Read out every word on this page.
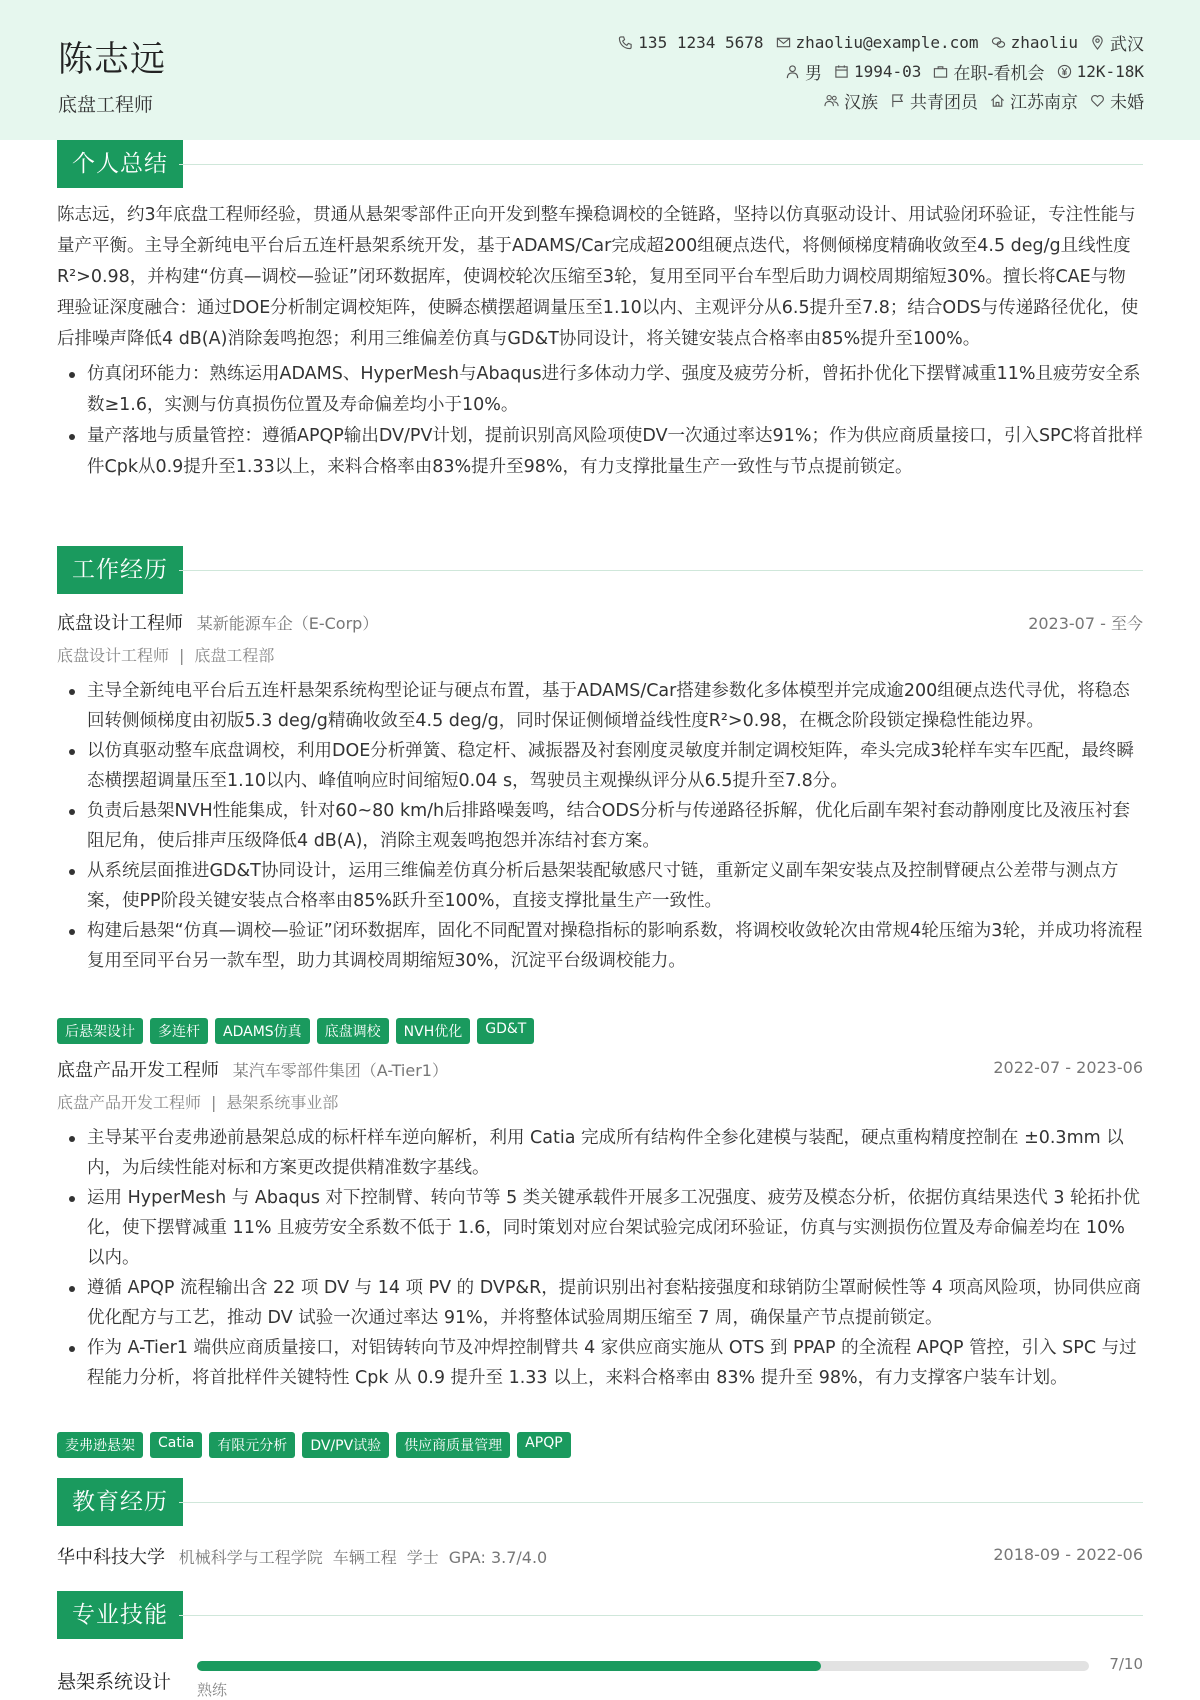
陈志远
底盘工程师
135 1234 5678 zhaoliu@example.com zhaoliu 武汉
男 1994-03 在职-看机会 12K-18K
汉族 共青团员 江苏南京 未婚
个人总结

陈志远，约3年底盘工程师经验，贯通从悬架零部件正向开发到整车操稳调校的全链路，坚持以仿真驱动设计、用试验闭环验证，专注性能与量产平衡。主导全新纯电平台后五连杆悬架系统开发，基于ADAMS/Car完成超200组硬点迭代，将侧倾梯度精确收敛至4.5 deg/g且线性度R²>0.98，并构建“仿真—调校—验证”闭环数据库，使调校轮次压缩至3轮，复用至同平台车型后助力调校周期缩短30%。擅长将CAE与物理验证深度融合：通过DOE分析制定调校矩阵，使瞬态横摆超调量压至1.10以内、主观评分从6.5提升至7.8；结合ODS与传递路径优化，使后排噪声降低4 dB(A)消除轰鸣抱怨；利用三维偏差仿真与GD&T协同设计，将关键安装点合格率由85%提升至100%。

仿真闭环能力：熟练运用ADAMS、HyperMesh与Abaqus进行多体动力学、强度及疲劳分析，曾拓扑优化下摆臂减重11%且疲劳安全系数≥1.6，实测与仿真损伤位置及寿命偏差均小于10%。
量产落地与质量管控：遵循APQP输出DV/PV计划，提前识别高风险项使DV一次通过率达91%；作为供应商质量接口，引入SPC将首批样件Cpk从0.9提升至1.33以上，来料合格率由83%提升至98%，有力支撑批量生产一致性与节点提前锁定。
工作经历
底盘设计工程师 某新能源车企（E-Corp）	2023-07 - 至今
底盘设计工程师 | 底盘工程部
主导全新纯电平台后五连杆悬架系统构型论证与硬点布置，基于ADAMS/Car搭建参数化多体模型并完成逾200组硬点迭代寻优，将稳态回转侧倾梯度由初版5.3 deg/g精确收敛至4.5 deg/g，同时保证侧倾增益线性度R²>0.98，在概念阶段锁定操稳性能边界。
以仿真驱动整车底盘调校，利用DOE分析弹簧、稳定杆、减振器及衬套刚度灵敏度并制定调校矩阵，牵头完成3轮样车实车匹配，最终瞬态横摆超调量压至1.10以内、峰值响应时间缩短0.04 s，驾驶员主观操纵评分从6.5提升至7.8分。
负责后悬架NVH性能集成，针对60~80 km/h后排路噪轰鸣，结合ODS分析与传递路径拆解，优化后副车架衬套动静刚度比及液压衬套阻尼角，使后排声压级降低4 dB(A)，消除主观轰鸣抱怨并冻结衬套方案。
从系统层面推进GD&T协同设计，运用三维偏差仿真分析后悬架装配敏感尺寸链，重新定义副车架安装点及控制臂硬点公差带与测点方案，使PP阶段关键安装点合格率由85%跃升至100%，直接支撑批量生产一致性。
构建后悬架“仿真—调校—验证”闭环数据库，固化不同配置对操稳指标的影响系数，将调校收敛轮次由常规4轮压缩为3轮，并成功将流程复用至同平台另一款车型，助力其调校周期缩短30%，沉淀平台级调校能力。
后悬架设计	多连杆	ADAMS仿真	底盘调校	NVH优化	GD&T
底盘产品开发工程师 某汽车零部件集团（A-Tier1）	2022-07 - 2023-06
底盘产品开发工程师 | 悬架系统事业部
主导某平台麦弗逊前悬架总成的标杆样车逆向解析，利用 Catia 完成所有结构件全参化建模与装配，硬点重构精度控制在 ±0.3mm 以内，为后续性能对标和方案更改提供精准数字基线。
运用 HyperMesh 与 Abaqus 对下控制臂、转向节等 5 类关键承载件开展多工况强度、疲劳及模态分析，依据仿真结果迭代 3 轮拓扑优化，使下摆臂减重 11% 且疲劳安全系数不低于 1.6，同时策划对应台架试验完成闭环验证，仿真与实测损伤位置及寿命偏差均在 10% 以内。
遵循 APQP 流程输出含 22 项 DV 与 14 项 PV 的 DVP&R，提前识别出衬套粘接强度和球销防尘罩耐候性等 4 项高风险项，协同供应商优化配方与工艺，推动 DV 试验一次通过率达 91%，并将整体试验周期压缩至 7 周，确保量产节点提前锁定。
作为 A-Tier1 端供应商质量接口，对铝铸转向节及冲焊控制臂共 4 家供应商实施从 OTS 到 PPAP 的全流程 APQP 管控，引入 SPC 与过程能力分析，将首批样件关键特性 Cpk 从 0.9 提升至 1.33 以上，来料合格率由 83% 提升至 98%，有力支撑客户装车计划。
麦弗逊悬架	Catia	有限元分析	DV/PV试验	供应商质量管理	APQP
教育经历
华中科技大学 机械科学与工程学院 车辆工程 学士 GPA: 3.7/4.0	2018-09 - 2022-06
专业技能
悬架系统设计
7/10
熟练
